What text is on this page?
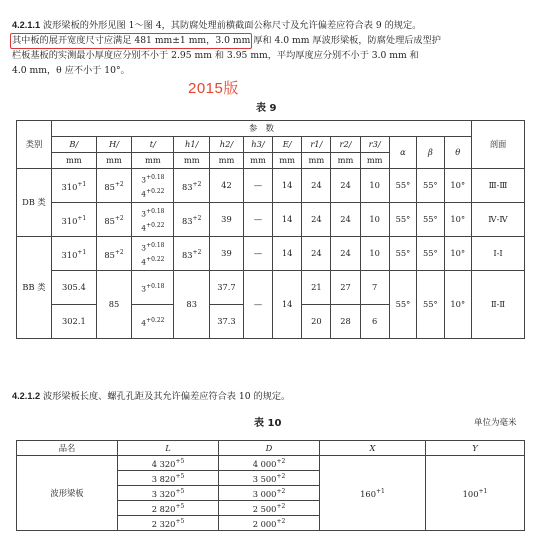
4.2.1.1 波形梁板的外形见图 1～图 4，其防腐处理前横截面公称尺寸及允许偏差应符合表 9 的规定。
其中板的展开宽度尺寸应满足 481 mm±1 mm，3.0 mm 厚和 4.0 mm 厚波形梁板，防腐处理后成型护
栏板基板的实测最小厚度应分别不小于 2.95 mm 和 3.95 mm，平均厚度应分别不小于 3.0 mm 和
4.0 mm，θ 应不小于 10°。
2015版
表 9
类别	参　数													剖面
	B/	H/	t/	h1/	h2/	h3/	E/	r1/	r2/	r3/	α	β	θ	
	mm	mm	mm	mm	mm	mm	mm	mm	mm	mm				
DB 类	$310^{+1}$	$85^{+2}$	$3^{+0.18}$
$4^{+0.22}$	$83^{+2}$	42	—	14	24	24	10	55°	55°	10°	Ⅲ-Ⅲ
	$310^{+1}$	$85^{+2}$	$3^{+0.18}$
$4^{+0.22}$	$83^{+2}$	39	—	14	24	24	10	55°	55°	10°	Ⅳ-Ⅳ
BB 类	$310^{+1}$	$85^{+2}$	$3^{+0.18}$
$4^{+0.22}$	$83^{+2}$	39	—	14	24	24	10	55°	55°	10°	Ⅰ-Ⅰ
	305.4	85	$3^{+0.18}$	83	37.7	—	14	21	27	7	55°	55°	10°	Ⅱ-Ⅱ
	302.1		$4^{+0.22}$		37.3			20	28	6				
4.2.1.2 波形梁板长度、螺孔孔距及其允许偏差应符合表 10 的规定。
表 10	单位为毫米
品名	L	D	X	Y
波形梁板	4 $320^{+5}$	4 $000^{+2}$	$160^{+1}$	$100^{+1}$
	3 $820^{+5}$	3 $500^{+2}$
	3 $320^{+5}$	3 $000^{+2}$
	2 $820^{+5}$	2 $500^{+2}$
	2 $320^{+5}$	2 $000^{+2}$
